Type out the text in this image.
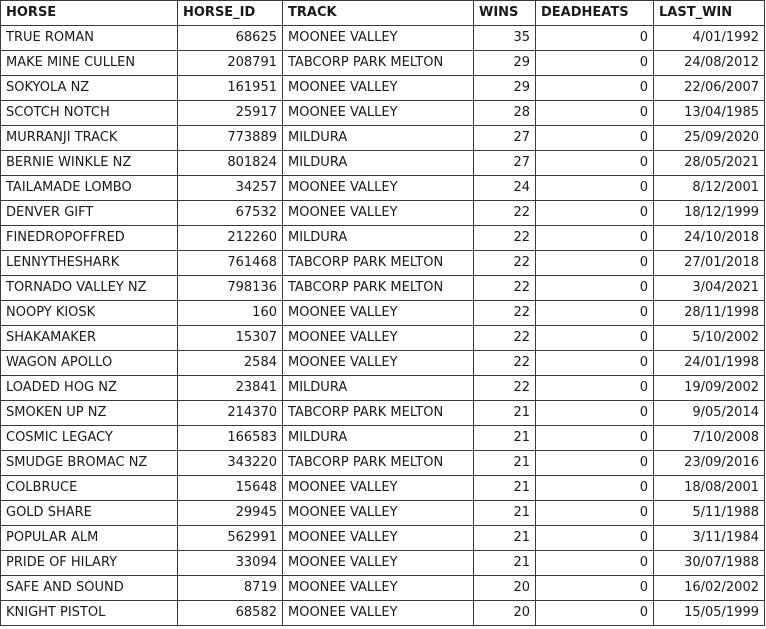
HORSE	HORSE_ID	TRACK	WINS	DEADHEATS	LAST_WIN
TRUE ROMAN	68625	MOONEE VALLEY	35	0	4/01/1992
MAKE MINE CULLEN	208791	TABCORP PARK MELTON	29	0	24/08/2012
SOKYOLA NZ	161951	MOONEE VALLEY	29	0	22/06/2007
SCOTCH NOTCH	25917	MOONEE VALLEY	28	0	13/04/1985
MURRANJI TRACK	773889	MILDURA	27	0	25/09/2020
BERNIE WINKLE NZ	801824	MILDURA	27	0	28/05/2021
TAILAMADE LOMBO	34257	MOONEE VALLEY	24	0	8/12/2001
DENVER GIFT	67532	MOONEE VALLEY	22	0	18/12/1999
FINEDROPOFFRED	212260	MILDURA	22	0	24/10/2018
LENNYTHESHARK	761468	TABCORP PARK MELTON	22	0	27/01/2018
TORNADO VALLEY NZ	798136	TABCORP PARK MELTON	22	0	3/04/2021
NOOPY KIOSK	160	MOONEE VALLEY	22	0	28/11/1998
SHAKAMAKER	15307	MOONEE VALLEY	22	0	5/10/2002
WAGON APOLLO	2584	MOONEE VALLEY	22	0	24/01/1998
LOADED HOG NZ	23841	MILDURA	22	0	19/09/2002
SMOKEN UP NZ	214370	TABCORP PARK MELTON	21	0	9/05/2014
COSMIC LEGACY	166583	MILDURA	21	0	7/10/2008
SMUDGE BROMAC NZ	343220	TABCORP PARK MELTON	21	0	23/09/2016
COLBRUCE	15648	MOONEE VALLEY	21	0	18/08/2001
GOLD SHARE	29945	MOONEE VALLEY	21	0	5/11/1988
POPULAR ALM	562991	MOONEE VALLEY	21	0	3/11/1984
PRIDE OF HILARY	33094	MOONEE VALLEY	21	0	30/07/1988
SAFE AND SOUND	8719	MOONEE VALLEY	20	0	16/02/2002
KNIGHT PISTOL	68582	MOONEE VALLEY	20	0	15/05/1999
